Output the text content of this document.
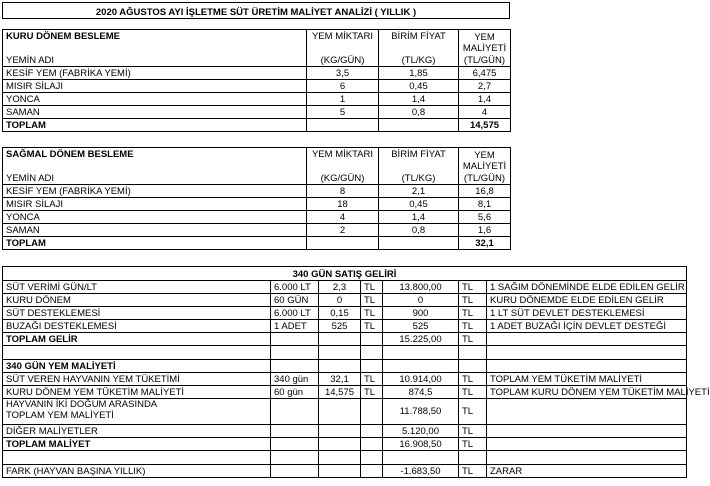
2020 AĞUSTOS AYI İŞLETME SÜT ÜRETİM MALİYET ANALİZİ ( YILLIK )
KURU DÖNEM BESLEME	YEM MİKTARI	BİRİM FİYAT	YEM
			MALİYETİ
YEMİN ADI	(KG/GÜN)	(TL/KG)	(TL/GÜN)
KESİF YEM (FABRİKA YEMİ)	3,5	1,85	6,475
MISIR SİLAJI	6	0,45	2,7
YONCA	1	1,4	1,4
SAMAN	5	0,8	4
TOPLAM			14,575
SAĞMAL DÖNEM BESLEME	YEM MİKTARI	BİRİM FİYAT	YEM
			MALİYETİ
YEMİN ADI	(KG/GÜN)	(TL/KG)	(TL/GÜN)
KESİF YEM (FABRİKA YEMİ)	8	2,1	16,8
MISIR SİLAJI	18	0,45	8,1
YONCA	4	1,4	5,6
SAMAN	2	0,8	1,6
TOPLAM			32,1
340 GÜN SATIŞ GELİRİ						
SÜT VERİMİ GÜN/LT	6.000 LT	2,3	TL	13.800,00	TL	1 SAĞIM DÖNEMİNDE ELDE EDİLEN GELİR
KURU DÖNEM	60 GÜN	0	TL	0	TL	KURU DÖNEMDE ELDE EDİLEN GELİR
SÜT DESTEKLEMESİ	6.000 LT	0,15	TL	900	TL	1 LT SÜT DEVLET DESTEKLEMESİ
BUZAĞI DESTEKLEMESİ	1 ADET	525	TL	525	TL	1 ADET BUZAĞI İÇİN DEVLET DESTEĞİ
TOPLAM GELİR				15.225,00	TL	

340 GÜN YEM MALİYETİ						
SÜT VEREN HAYVANIN YEM TÜKETİMİ	340 gün	32,1	TL	10.914,00	TL	TOPLAM YEM TÜKETİM MALİYETİ
KURU DÖNEM YEM TÜKETİM MALİYETİ	60 gün	14,575	TL	874,5	TL	TOPLAM KURU DÖNEM YEM TÜKETİM MALİYETİ

HAYVANIN İKİ DOĞUM ARASINDA
TOPLAM YEM MALİYETİ				11.788,50	TL	
DİĞER MALİYETLER				5.120,00	TL	
TOPLAM MALİYET				16.908,50	TL	

FARK (HAYVAN BAŞINA YILLIK)				-1.683,50	TL	ZARAR
